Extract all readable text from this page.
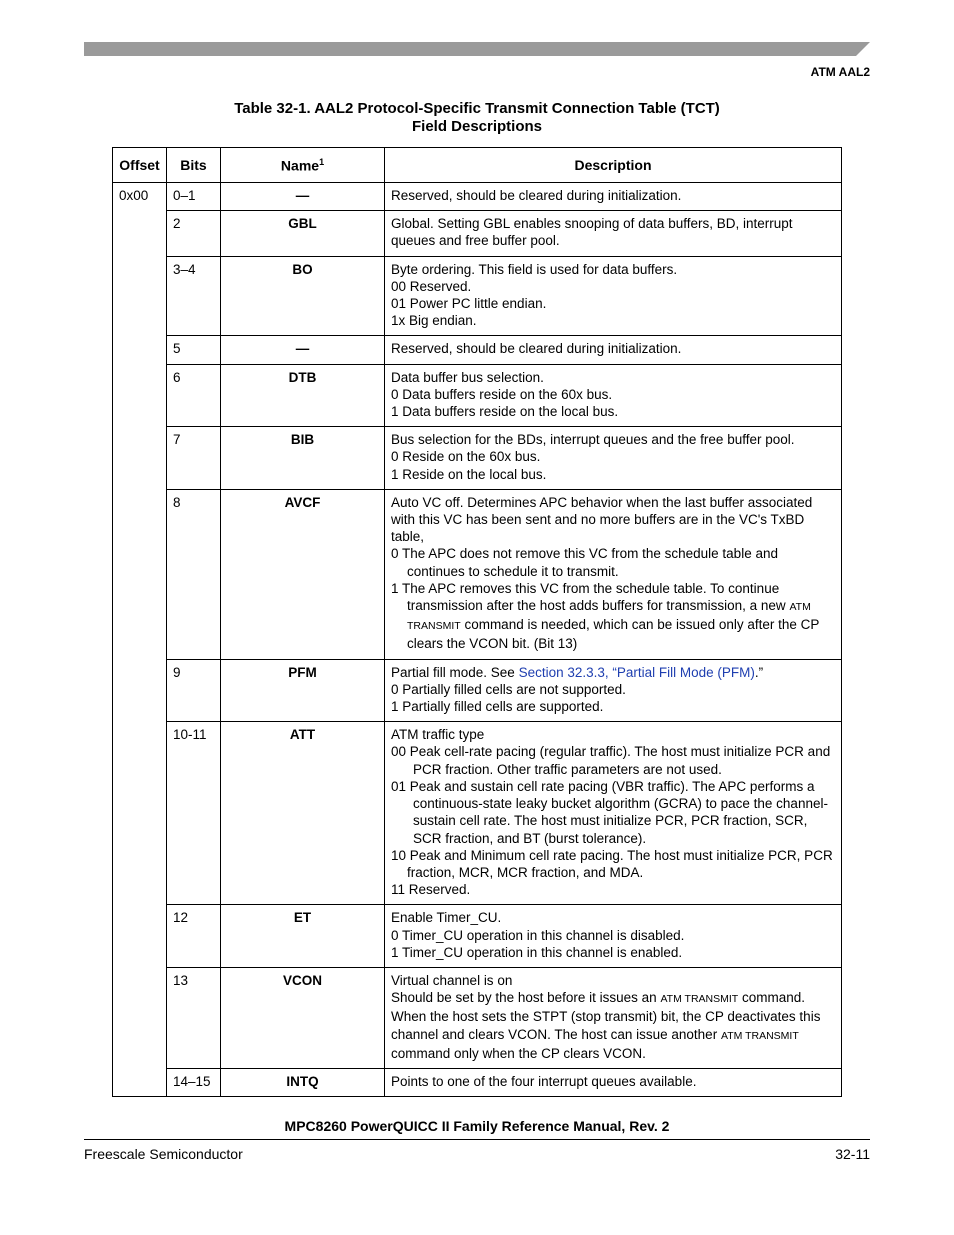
ATM AAL2
Table 32-1. AAL2 Protocol-Specific Transmit Connection Table (TCT)
Field Descriptions
Offset	Bits	Name$^1$	Description
0x00	0–1	—	Reserved, should be cleared during initialization.

	2	GBL	Global. Setting GBL enables snooping of data buffers, BD, interrupt queues and free buffer pool.

	3–4	BO	Byte ordering. This field is used for data buffers.
00 Reserved.
01 Power PC little endian.
1x Big endian.

	5	—	Reserved, should be cleared during initialization.

	6	DTB	Data buffer bus selection.
0 Data buffers reside on the 60x bus.
1 Data buffers reside on the local bus.

	7	BIB	Bus selection for the BDs, interrupt queues and the free buffer pool.
0 Reside on the 60x bus.
1 Reside on the local bus.

	8	AVCF	Auto VC off. Determines APC behavior when the last buffer associated with this VC has been sent and no more buffers are in the VC's TxBD table,
0 The APC does not remove this VC from the schedule table and continues to schedule it to transmit.
1 The APC removes this VC from the schedule table. To continue transmission after the host adds buffers for transmission, a new ATM TRANSMIT command is needed, which can be issued only after the CP clears the VCON bit. (Bit 13)

	9	PFM	Partial fill mode. See Section 32.3.3, “Partial Fill Mode (PFM).”
0 Partially filled cells are not supported.
1 Partially filled cells are supported.

	10-11	ATT	ATM traffic type
00 Peak cell-rate pacing (regular traffic). The host must initialize PCR and PCR fraction. Other traffic parameters are not used.
01 Peak and sustain cell rate pacing (VBR traffic). The APC performs a continuous-state leaky bucket algorithm (GCRA) to pace the channel-sustain cell rate. The host must initialize PCR, PCR fraction, SCR, SCR fraction, and BT (burst tolerance).
10 Peak and Minimum cell rate pacing. The host must initialize PCR, PCR fraction, MCR, MCR fraction, and MDA.
11 Reserved.

	12	ET	Enable Timer_CU.
0 Timer_CU operation in this channel is disabled.
1 Timer_CU operation in this channel is enabled.

	13	VCON	Virtual channel is on
Should be set by the host before it issues an ATM TRANSMIT command. When the host sets the STPT (stop transmit) bit, the CP deactivates this channel and clears VCON. The host can issue another ATM TRANSMIT command only when the CP clears VCON.

	14–15	INTQ	Points to one of the four interrupt queues available.
MPC8260 PowerQUICC II Family Reference Manual, Rev. 2
Freescale Semiconductor	32-11
